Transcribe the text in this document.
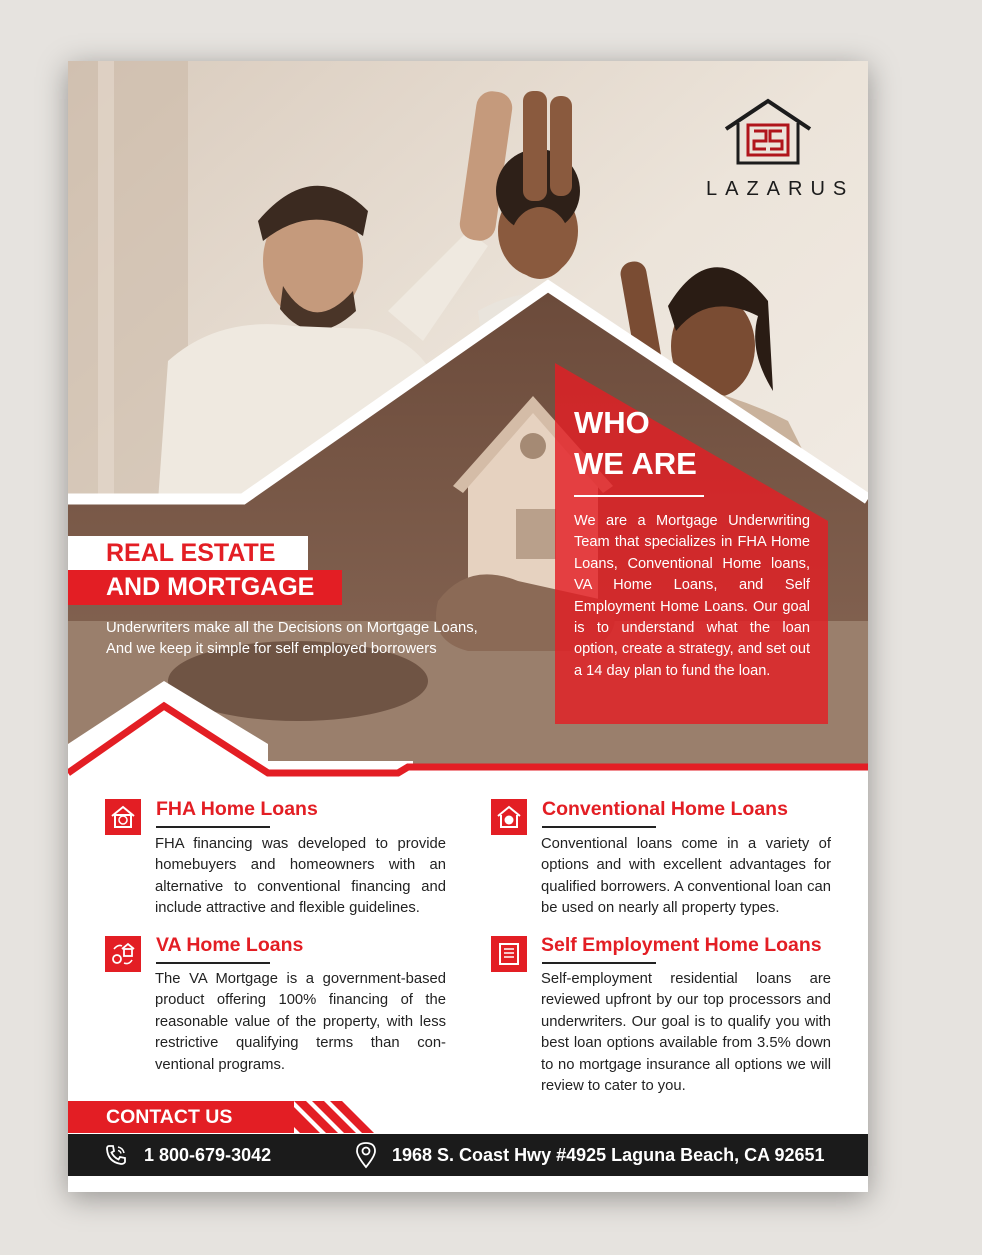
LAZARUS
WHO
WE ARE
We are a Mortgage Underwriting Team that specializes in FHA Home Loans, Conventional Home loans, VA Home Loans, and Self Employment Home Loans. Our goal is to understand what the loan option, create a strategy, and set out a 14 day plan to fund the loan.
REAL ESTATE
AND MORTGAGE
Underwriters make all the Decisions on Mortgage Loans,
And we keep it simple for self employed borrowers
FHA Home Loans
FHA financing was developed to provide homebuyers and homeowners with an alternative to conventional financing and include attractive and flexible guidelines.
Conventional Home Loans
Conventional loans come in a variety of options and with excellent advantages for qualified borrowers. A conventional loan can be used on nearly all property types.
VA Home Loans
The VA Mortgage is a government-based product offering 100% financing of the reasonable value of the property, with less restrictive qualifying terms than con-ventional programs.
Self Employment Home Loans
Self-employment residential loans are reviewed upfront by our top processors and underwriters. Our goal is to qualify you with best loan options available from 3.5% down to no mortgage insurance all options we will review to cater to you.
CONTACT US
1 800-679-3042	1968 S. Coast Hwy #4925 Laguna Beach, CA 92651
